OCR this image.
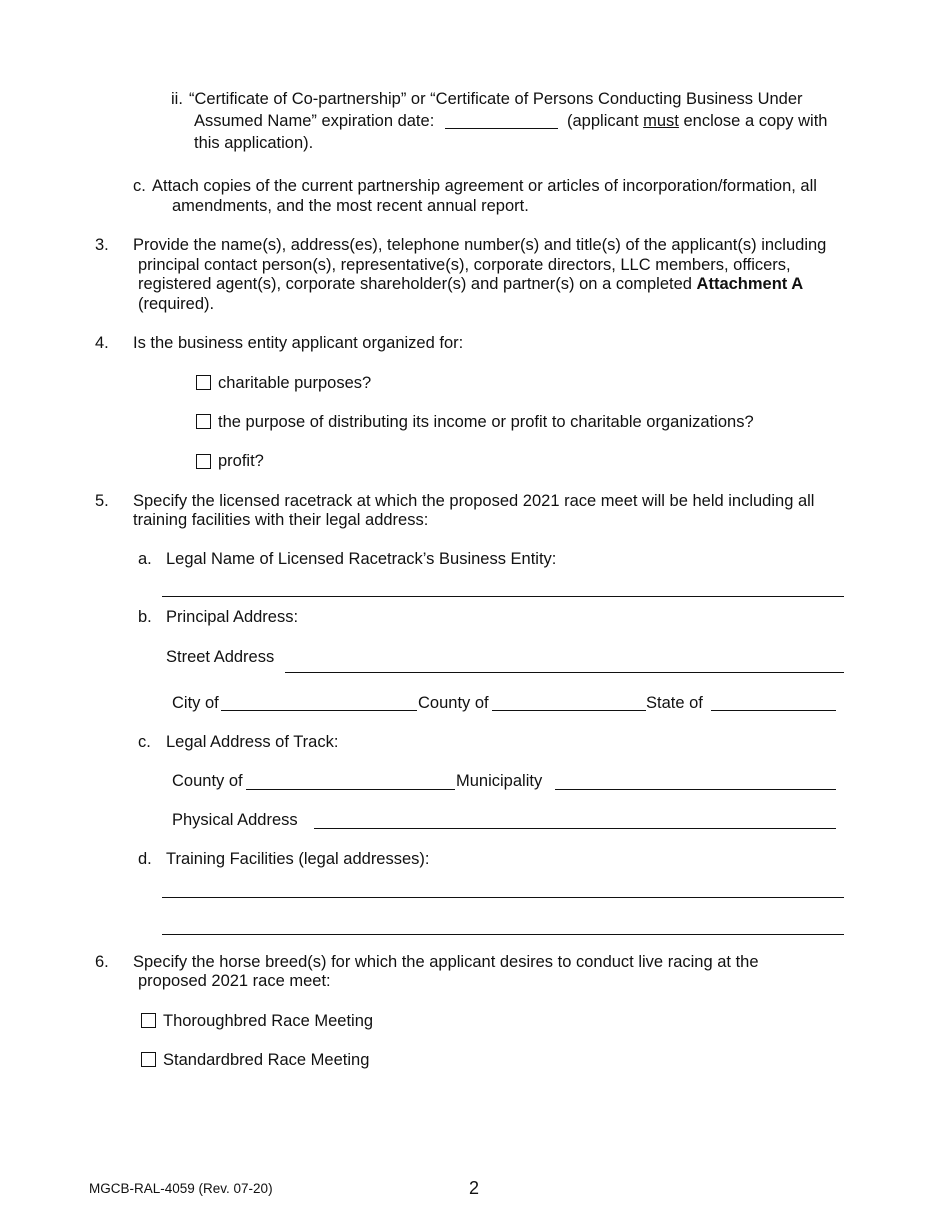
ii. “Certificate of Co-partnership” or “Certificate of Persons Conducting Business Under
Assumed Name” expiration date:	(applicant must enclose a copy with
this application).
c. Attach copies of the current partnership agreement or articles of incorporation/formation, all
amendments, and the most recent annual report.
3. Provide the name(s), address(es), telephone number(s) and title(s) of the applicant(s) including
principal contact person(s), representative(s), corporate directors, LLC members, officers,
registered agent(s), corporate shareholder(s) and partner(s) on a completed Attachment A
(required).
4. Is the business entity applicant organized for:
charitable purposes?
the purpose of distributing its income or profit to charitable organizations?
profit?
5. Specify the licensed racetrack at which the proposed 2021 race meet will be held including all
training facilities with their legal address:
a. Legal Name of Licensed Racetrack’s Business Entity:
b. Principal Address:
Street Address
City of	County of	State of
c. Legal Address of Track:
County of	Municipality
Physical Address
d. Training Facilities (legal addresses):
6. Specify the horse breed(s) for which the applicant desires to conduct live racing at the
proposed 2021 race meet:
Thoroughbred Race Meeting
Standardbred Race Meeting
MGCB-RAL-4059 (Rev. 07-20)	2
